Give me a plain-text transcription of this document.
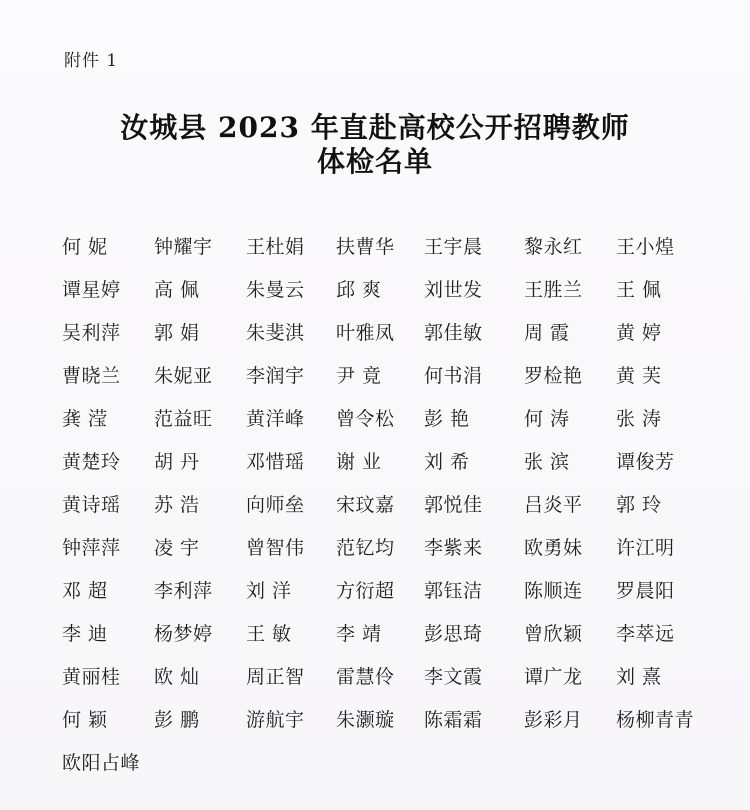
附件 1
汝城县 2023 年直赴高校公开招聘教师
体检名单
何 妮	钟耀宇	王杜娟	扶曹华	王宇晨	黎永红	王小煌
谭星婷	高 佩	朱曼云	邱 爽	刘世发	王胜兰	王 佩
吴利萍	郭 娟	朱斐淇	叶雅凤	郭佳敏	周 霞	黄 婷
曹晓兰	朱妮亚	李润宇	尹 竟	何书涓	罗检艳	黄 芙
龚 滢	范益旺	黄洋峰	曾令松	彭 艳	何 涛	张 涛
黄楚玲	胡 丹	邓惜瑶	谢 业	刘 希	张 滨	谭俊芳
黄诗瑶	苏 浩	向师垒	宋玟嘉	郭悦佳	吕炎平	郭 玲
钟萍萍	凌 宇	曾智伟	范钇均	李紫来	欧勇妹	许江明
邓 超	李利萍	刘 洋	方衍超	郭钰洁	陈顺连	罗晨阳
李 迪	杨梦婷	王 敏	李 靖	彭思琦	曾欣颖	李萃远
黄丽桂	欧 灿	周正智	雷慧伶	李文霞	谭广龙	刘 熹
何 颖	彭 鹏	游航宇	朱灏璇	陈霜霜	彭彩月	杨柳青青
欧阳占峰
